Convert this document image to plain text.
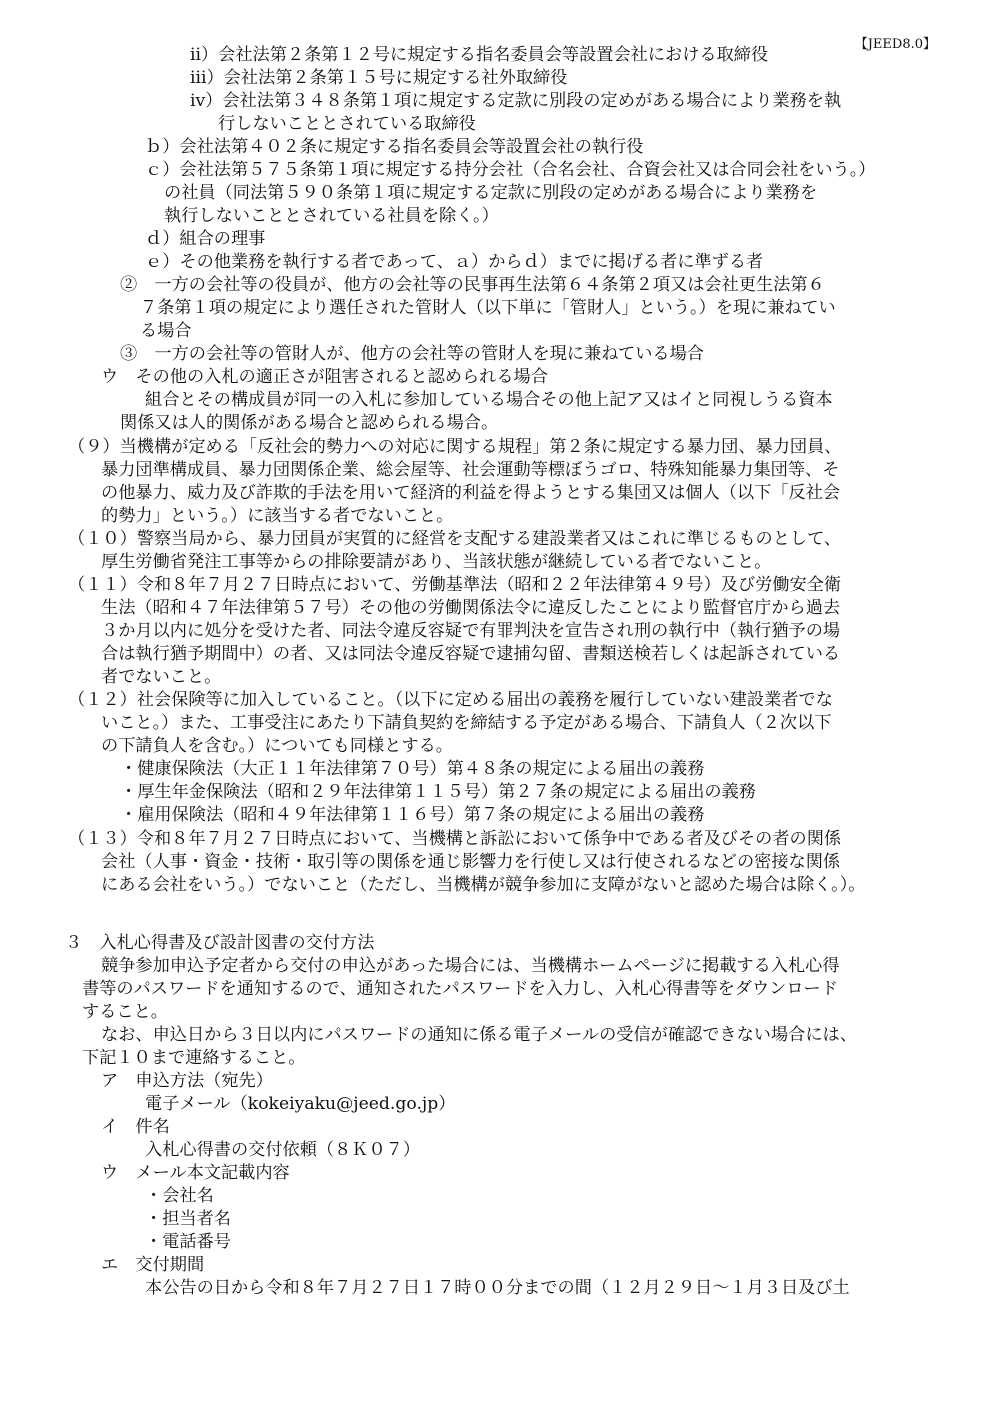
【JEED8.0】
ⅱ）会社法第２条第１２号に規定する指名委員会等設置会社における取締役
ⅲ）会社法第２条第１５号に規定する社外取締役
ⅳ）会社法第３４８条第１項に規定する定款に別段の定めがある場合により業務を執
行しないこととされている取締役
ｂ）会社法第４０２条に規定する指名委員会等設置会社の執行役
ｃ）会社法第５７５条第１項に規定する持分会社（合名会社、合資会社又は合同会社をいう。）
の社員（同法第５９０条第１項に規定する定款に別段の定めがある場合により業務を
執行しないこととされている社員を除く。）
ｄ）組合の理事
ｅ）その他業務を執行する者であって、ａ）からｄ）までに掲げる者に準ずる者
②　一方の会社等の役員が、他方の会社等の民事再生法第６４条第２項又は会社更生法第６
７条第１項の規定により選任された管財人（以下単に「管財人」という。）を現に兼ねてい
る場合
③　一方の会社等の管財人が、他方の会社等の管財人を現に兼ねている場合
ウ　その他の入札の適正さが阻害されると認められる場合
組合とその構成員が同一の入札に参加している場合その他上記ア又はイと同視しうる資本
関係又は人的関係がある場合と認められる場合。
（９）当機構が定める「反社会的勢力への対応に関する規程」第２条に規定する暴力団、暴力団員、
暴力団準構成員、暴力団関係企業、総会屋等、社会運動等標ぼうゴロ、特殊知能暴力集団等、そ
の他暴力、威力及び詐欺的手法を用いて経済的利益を得ようとする集団又は個人（以下「反社会
的勢力」という。）に該当する者でないこと。
（１０）警察当局から、暴力団員が実質的に経営を支配する建設業者又はこれに準じるものとして、
厚生労働省発注工事等からの排除要請があり、当該状態が継続している者でないこと。
（１１）令和８年７月２７日時点において、労働基準法（昭和２２年法律第４９号）及び労働安全衛
生法（昭和４７年法律第５７号）その他の労働関係法令に違反したことにより監督官庁から過去
３か月以内に処分を受けた者、同法令違反容疑で有罪判決を宣告され刑の執行中（執行猶予の場
合は執行猶予期間中）の者、又は同法令違反容疑で逮捕勾留、書類送検若しくは起訴されている
者でないこと。
（１２）社会保険等に加入していること。（以下に定める届出の義務を履行していない建設業者でな
いこと。）また、工事受注にあたり下請負契約を締結する予定がある場合、下請負人（２次以下
の下請負人を含む。）についても同様とする。
・健康保険法（大正１１年法律第７０号）第４８条の規定による届出の義務
・厚生年金保険法（昭和２９年法律第１１５号）第２７条の規定による届出の義務
・雇用保険法（昭和４９年法律第１１６号）第７条の規定による届出の義務
（１３）令和８年７月２７日時点において、当機構と訴訟において係争中である者及びその者の関係
会社（人事・資金・技術・取引等の関係を通じ影響力を行使し又は行使されるなどの密接な関係
にある会社をいう。）でないこと（ただし、当機構が競争参加に支障がないと認めた場合は除く。）。
３　入札心得書及び設計図書の交付方法
競争参加申込予定者から交付の申込があった場合には、当機構ホームページに掲載する入札心得
書等のパスワードを通知するので、通知されたパスワードを入力し、入札心得書等をダウンロード
すること。
なお、申込日から３日以内にパスワードの通知に係る電子メールの受信が確認できない場合には、
下記１０まで連絡すること。
ア　申込方法（宛先）
電子メール（kokeiyaku@jeed.go.jp）
イ　件名
入札心得書の交付依頼（８Ｋ０７）
ウ　メール本文記載内容
・会社名
・担当者名
・電話番号
エ　交付期間
本公告の日から令和８年７月２７日１７時００分までの間（１２月２９日～１月３日及び土
